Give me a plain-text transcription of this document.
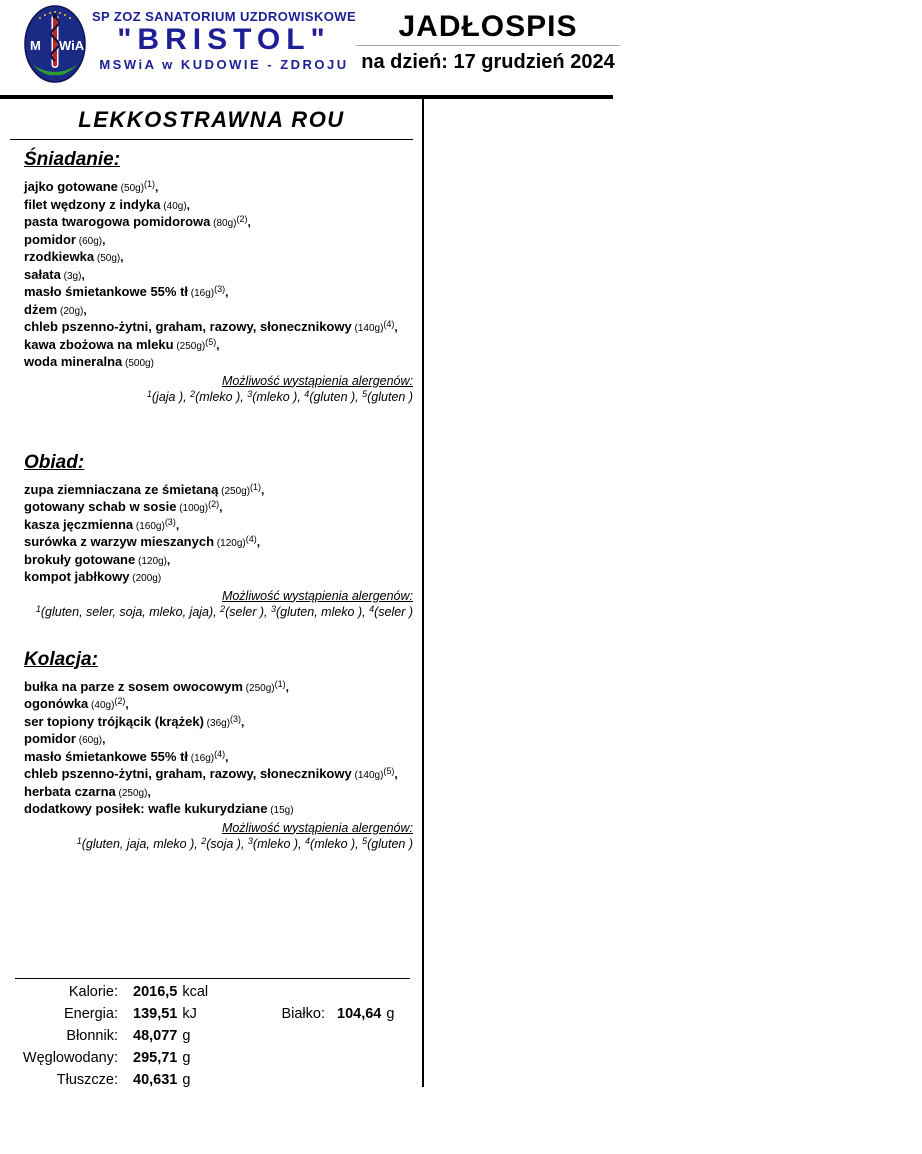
M WiA
SP ZOZ SANATORIUM UZDROWISKOWE
"BRISTOL"
MSWiA w KUDOWIE - ZDROJU
JADŁOSPIS
na dzień: 17 grudzień 2024
LEKKOSTRAWNA ROU
Śniadanie:
jajko gotowane $(50g)^{(1)}$,
filet wędzony z indyka (40g),
pasta twarogowa pomidorowa $(80g)^{(2)}$,
pomidor (60g),
rzodkiewka (50g),
sałata (3g),
masło śmietankowe 55% tł $(16g)^{(3)}$,
dżem (20g),
chleb pszenno-żytni, graham, razowy, słonecznikowy $(140g)^{(4)}$,
kawa zbożowa na mleku $(250g)^{(5)}$,
woda mineralna (500g)
Możliwość wystąpienia alergenów:
$^1$(jaja ), $^2$(mleko ), $^3$(mleko ), $^4$(gluten ), $^5$(gluten )
Obiad:
zupa ziemniaczana ze śmietaną $(250g)^{(1)}$,
gotowany schab w sosie $(100g)^{(2)}$,
kasza jęczmienna $(160g)^{(3)}$,
surówka z warzyw mieszanych $(120g)^{(4)}$,
brokuły gotowane (120g),
kompot jabłkowy (200g)
Możliwość wystąpienia alergenów:
$^1$(gluten, seler, soja, mleko, jaja), $^2$(seler ), $^3$(gluten, mleko ), $^4$(seler )
Kolacja:
bułka na parze z sosem owocowym $(250g)^{(1)}$,
ogonówka $(40g)^{(2)}$,
ser topiony trójkącik (krążek) $(36g)^{(3)}$,
pomidor (60g),
masło śmietankowe 55% tł $(16g)^{(4)}$,
chleb pszenno-żytni, graham, razowy, słonecznikowy $(140g)^{(5)}$,
herbata czarna (250g),
dodatkowy posiłek: wafle kukurydziane (15g)
Możliwość wystąpienia alergenów:
$^1$(gluten, jaja, mleko ), $^2$(soja ), $^3$(mleko ), $^4$(mleko ), $^5$(gluten )
Kalorie: 2016,5 kcal
Energia: 139,51 kJ	Białko: 104,64 g
Błonnik: 48,077 g
Węglowodany: 295,71 g
Tłuszcze: 40,631 g
